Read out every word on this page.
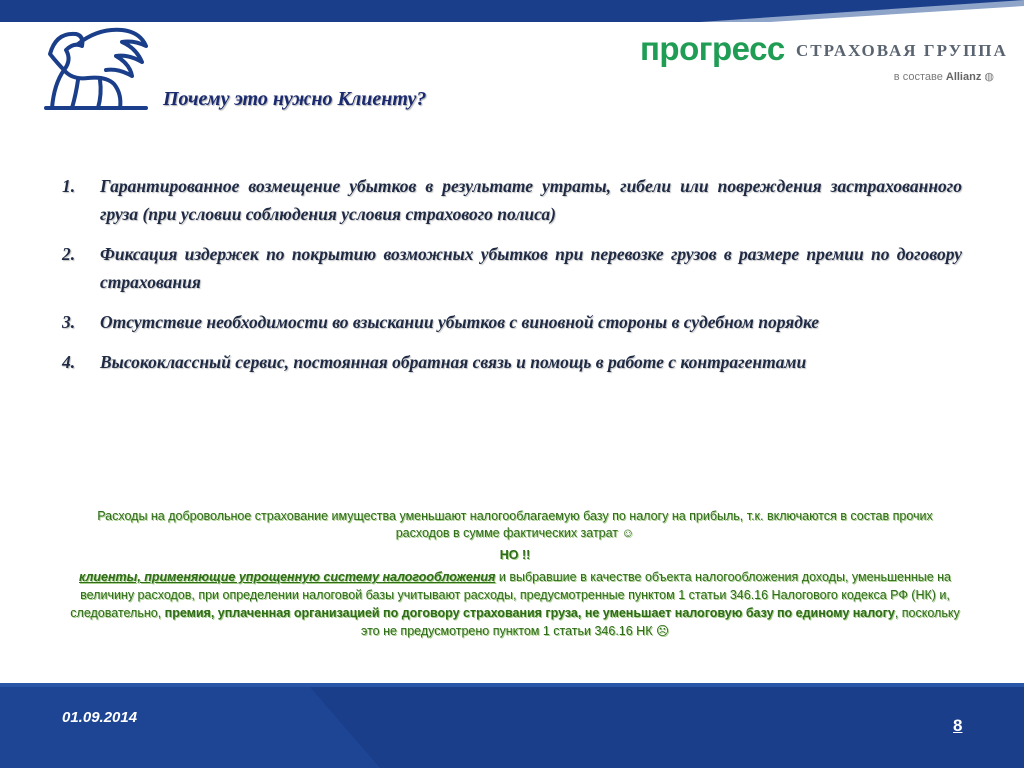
прогресс СТРАХОВАЯ ГРУППА
в составе Allianz ◍
Почему это нужно Клиенту?
1. Гарантированное возмещение убытков в результате утраты, гибели или повреждения застрахованного груза (при условии соблюдения условия страхового полиса)
2. Фиксация издержек по покрытию возможных убытков при перевозке грузов в размере премии по договору страхования
3. Отсутствие необходимости во взыскании убытков с виновной стороны в судебном порядке
4. Высококлассный сервис, постоянная обратная связь и помощь в работе с контрагентами

Расходы на добровольное страхование имущества уменьшают налогооблагаемую базу по налогу на прибыль, т.к. включаются в состав прочих расходов в сумме фактических затрат ☺

НО !!

клиенты, применяющие упрощенную систему налогообложения и выбравшие в качестве объекта налогообложения доходы, уменьшенные на величину расходов, при определении налоговой базы учитывают расходы, предусмотренные пунктом 1 статьи 346.16 Налогового кодекса РФ (НК) и, следовательно, премия, уплаченная организацией по договору страхования груза, не уменьшает налоговую базу по единому налогу, поскольку это не предусмотрено пунктом 1 статьи 346.16 НК ☹

01.09.2014	8
